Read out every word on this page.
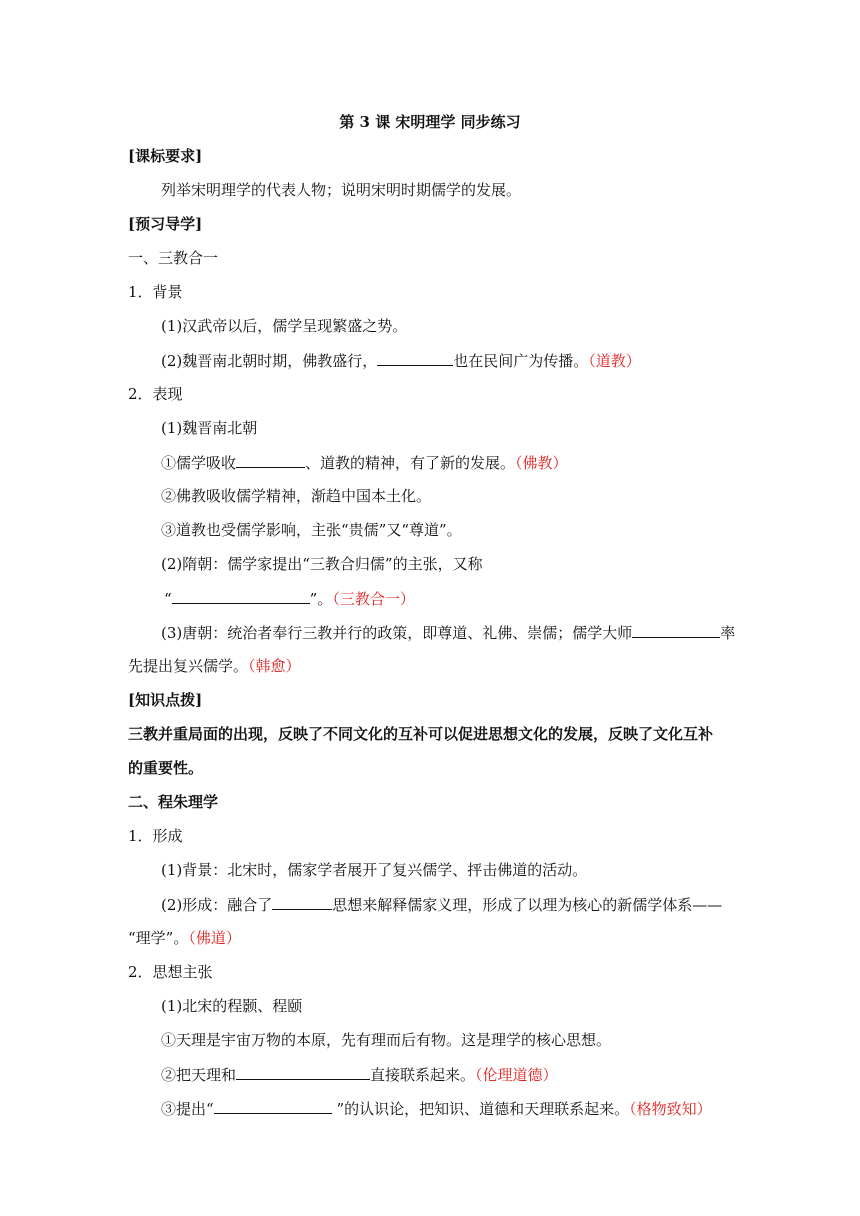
第 3 课 宋明理学 同步练习
[课标要求]
列举宋明理学的代表人物；说明宋明时期儒学的发展。
[预习导学]
一、三教合一
1．背景
(1)汉武帝以后，儒学呈现繁盛之势。
(2)魏晋南北朝时期，佛教盛行，	也在民间广为传播。（道教）
2．表现
(1)魏晋南北朝
①儒学吸收	、道教的精神，有了新的发展。（佛教）
②佛教吸收儒学精神，渐趋中国本土化。
③道教也受儒学影响，主张“贵儒”又“尊道”。
(2)隋朝：儒学家提出“三教合归儒”的主张，又称
“	”。（三教合一）
(3)唐朝：统治者奉行三教并行的政策，即尊道、礼佛、崇儒；儒学大师	率
先提出复兴儒学。（韩愈）
[知识点拨]
三教并重局面的出现，反映了不同文化的互补可以促进思想文化的发展，反映了文化互补
的重要性。
二、程朱理学
1．形成
(1)背景：北宋时，儒家学者展开了复兴儒学、抨击佛道的活动。
(2)形成：融合了	思想来解释儒家义理，形成了以理为核心的新儒学体系——
“理学”。（佛道）
2．思想主张
(1)北宋的程颢、程颐
①天理是宇宙万物的本原，先有理而后有物。这是理学的核心思想。
②把天理和	直接联系起来。（伦理道德）
③提出“	”的认识论，把知识、道德和天理联系起来。（格物致知）
